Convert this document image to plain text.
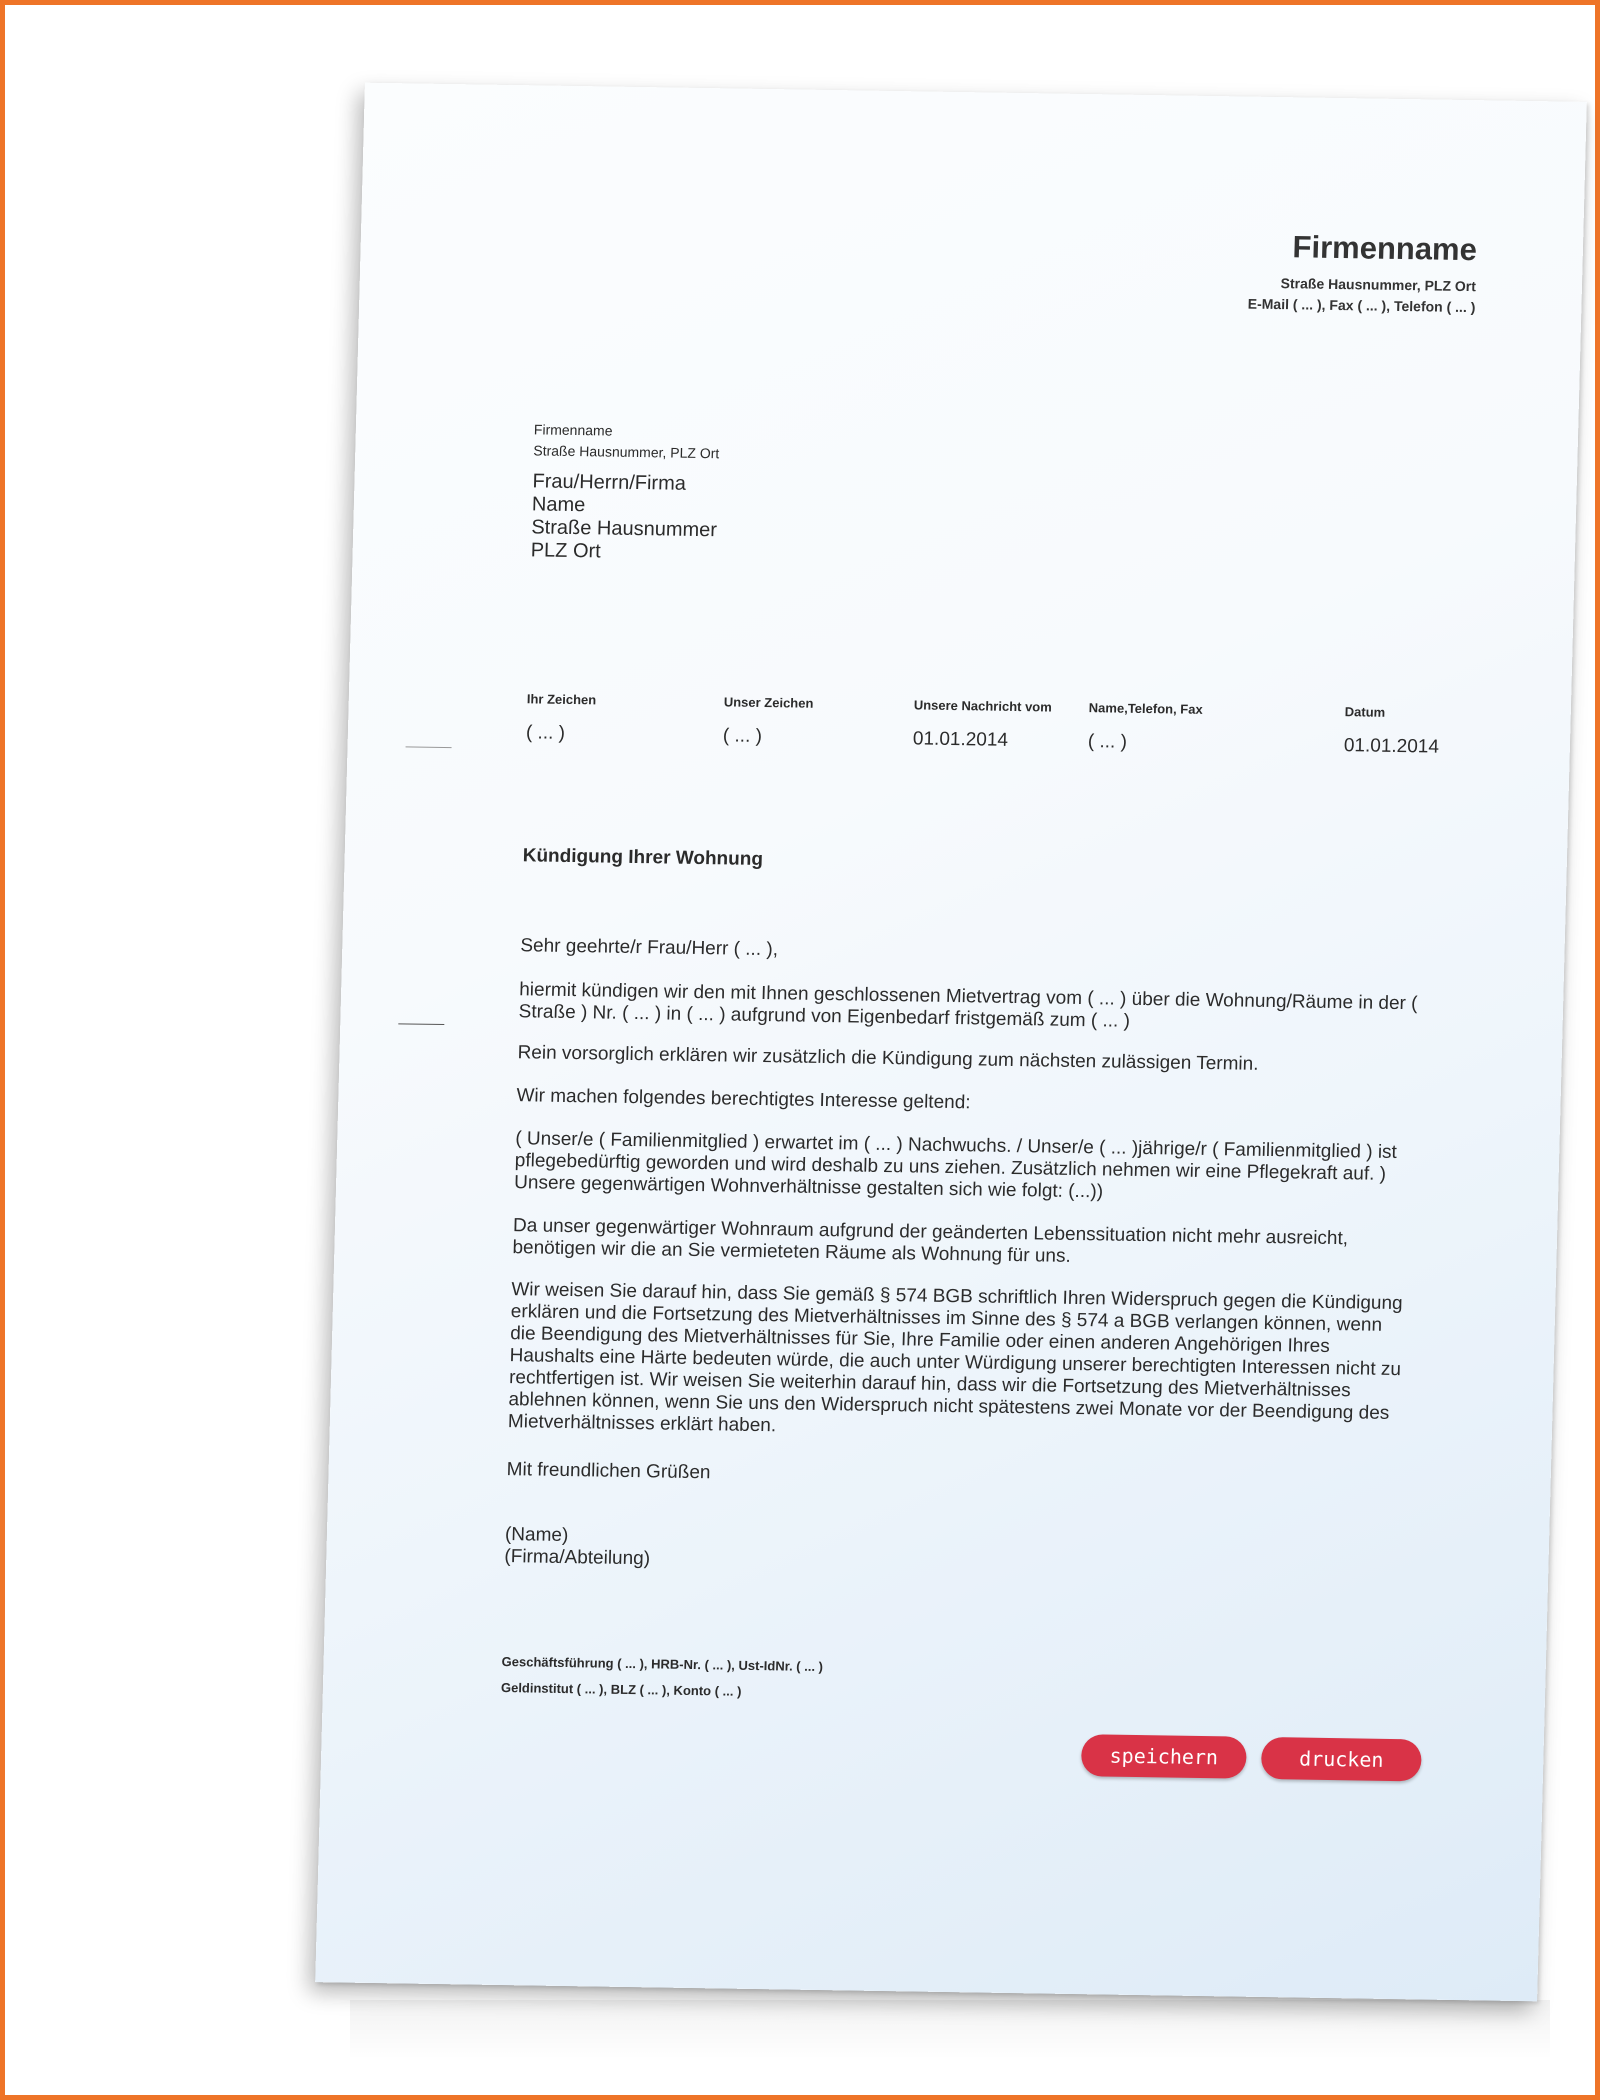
Firmenname
Straße Hausnummer, PLZ Ort
E-Mail ( ... ), Fax ( ... ), Telefon ( ... )
Firmenname
Straße Hausnummer, PLZ Ort
Frau/Herrn/Firma
Name
Straße Hausnummer
PLZ Ort
Ihr Zeichen
( ... )
Unser Zeichen
( ... )
Unsere Nachricht vom
01.01.2014
Name,Telefon, Fax
( ... )
Datum
01.01.2014
Kündigung Ihrer Wohnung
Sehr geehrte/r Frau/Herr ( ... ),
hiermit kündigen wir den mit Ihnen geschlossenen Mietvertrag vom ( ... ) über die Wohnung/Räume in der ( Straße ) Nr. ( ... ) in ( ... ) aufgrund von Eigenbedarf fristgemäß zum ( ... )
Rein vorsorglich erklären wir zusätzlich die Kündigung zum nächsten zulässigen Termin.
Wir machen folgendes berechtigtes Interesse geltend:
( Unser/e ( Familienmitglied ) erwartet im ( ... ) Nachwuchs. / Unser/e ( ... )jährige/r ( Familienmitglied ) ist pflegebedürftig geworden und wird deshalb zu uns ziehen. Zusätzlich nehmen wir eine Pflegekraft auf. ) Unsere gegenwärtigen Wohnverhältnisse gestalten sich wie folgt: (...))
Da unser gegenwärtiger Wohnraum aufgrund der geänderten Lebenssituation nicht mehr ausreicht, benötigen wir die an Sie vermieteten Räume als Wohnung für uns.
Wir weisen Sie darauf hin, dass Sie gemäß § 574 BGB schriftlich Ihren Widerspruch gegen die Kündigung erklären und die Fortsetzung des Mietverhältnisses im Sinne des § 574 a BGB verlangen können, wenn die Beendigung des Mietverhältnisses für Sie, Ihre Familie oder einen anderen Angehörigen Ihres Haushalts eine Härte bedeuten würde, die auch unter Würdigung unserer berechtigten Interessen nicht zu rechtfertigen ist. Wir weisen Sie weiterhin darauf hin, dass wir die Fortsetzung des Mietverhältnisses ablehnen können, wenn Sie uns den Widerspruch nicht spätestens zwei Monate vor der Beendigung des Mietverhältnisses erklärt haben.
Mit freundlichen Grüßen
(Name)
(Firma/Abteilung)
Geschäftsführung ( ... ), HRB-Nr. ( ... ), Ust-IdNr. ( ... )
Geldinstitut ( ... ), BLZ ( ... ), Konto ( ... )
speichern	drucken
